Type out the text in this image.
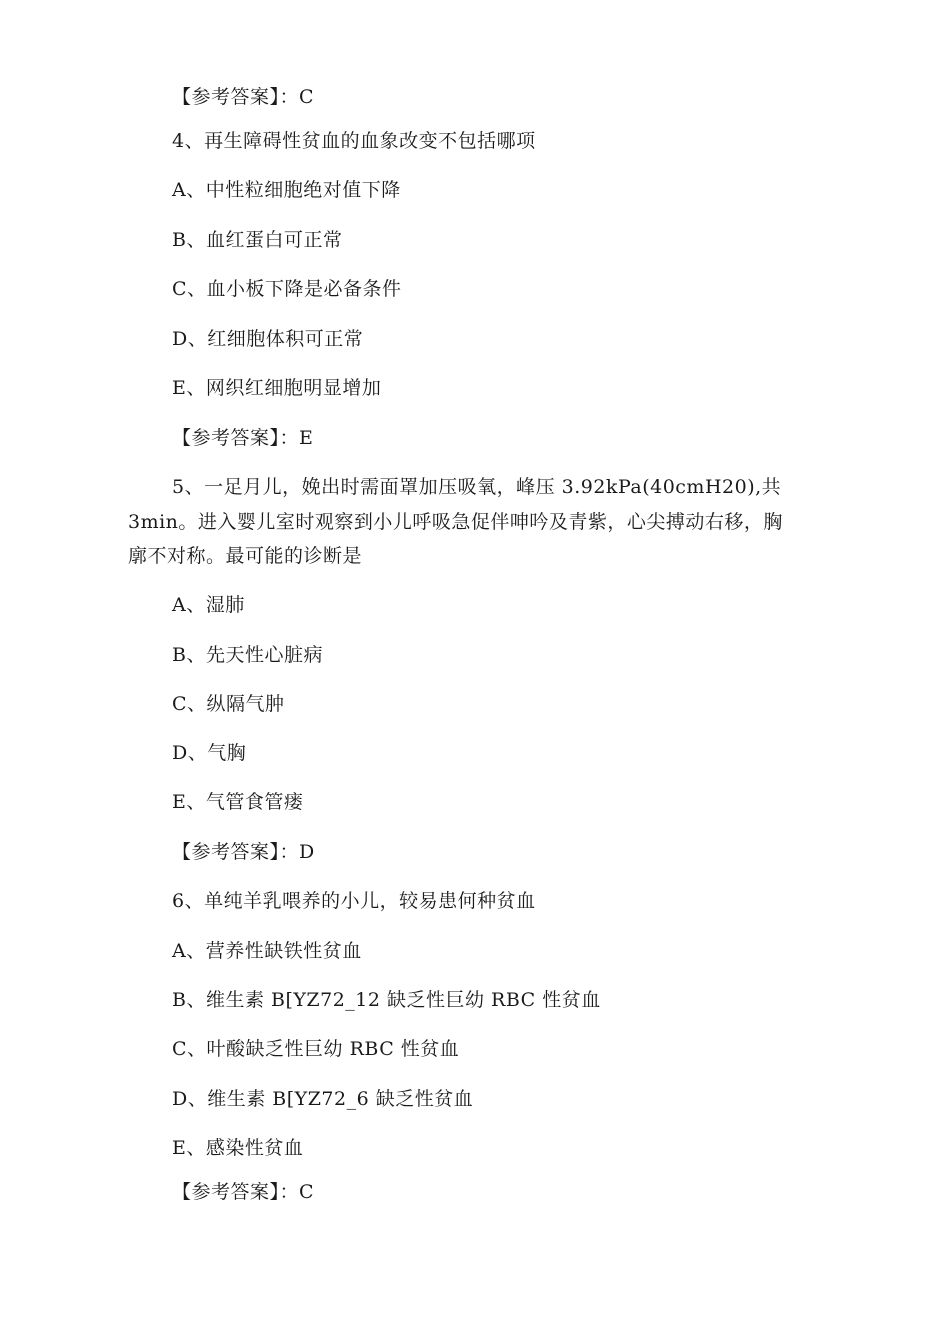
【参考答案】：C
4、再生障碍性贫血的血象改变不包括哪项
A、中性粒细胞绝对值下降
B、血红蛋白可正常
C、血小板下降是必备条件
D、红细胞体积可正常
E、网织红细胞明显增加
【参考答案】：E
5、一足月儿，娩出时需面罩加压吸氧，峰压 3.92kPa(40cmH20),共
3min。进入婴儿室时观察到小儿呼吸急促伴呻吟及青紫，心尖搏动右移，胸
廓不对称。最可能的诊断是
A、湿肺
B、先天性心脏病
C、纵隔气肿
D、气胸
E、气管食管瘘
【参考答案】：D
6、单纯羊乳喂养的小儿，较易患何种贫血
A、营养性缺铁性贫血
B、维生素 B[YZ72_12 缺乏性巨幼 RBC 性贫血
C、叶酸缺乏性巨幼 RBC 性贫血
D、维生素 B[YZ72_6 缺乏性贫血
E、感染性贫血
【参考答案】：C
